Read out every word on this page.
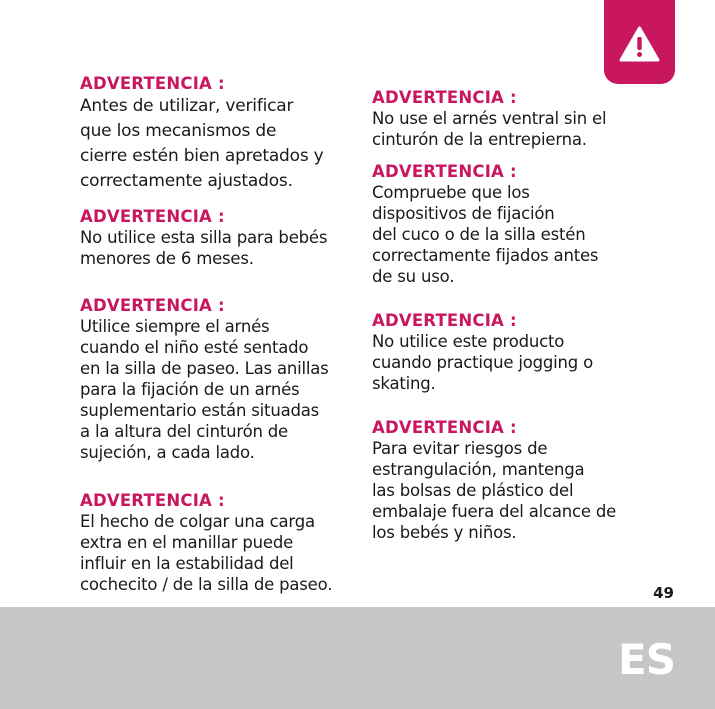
ADVERTENCIA :
Antes de utilizar, verificar
que los mecanismos de
cierre estén bien apretados y
correctamente ajustados.
ADVERTENCIA :
No utilice esta silla para bebés
menores de 6 meses.
ADVERTENCIA :
Utilice siempre el arnés
cuando el niño esté sentado
en la silla de paseo. Las anillas
para la fijación de un arnés
suplementario están situadas
a la altura del cinturón de
sujeción, a cada lado.
ADVERTENCIA :
El hecho de colgar una carga
extra en el manillar puede
influir en la estabilidad del
cochecito / de la silla de paseo.
ADVERTENCIA :
No use el arnés ventral sin el
cinturón de la entrepierna.
ADVERTENCIA :
Compruebe que los
dispositivos de fijación
del cuco o de la silla estén
correctamente fijados antes
de su uso.
ADVERTENCIA :
No utilice este producto
cuando practique jogging o
skating.
ADVERTENCIA :
Para evitar riesgos de
estrangulación, mantenga
las bolsas de plástico del
embalaje fuera del alcance de
los bebés y niños.
49
ES
